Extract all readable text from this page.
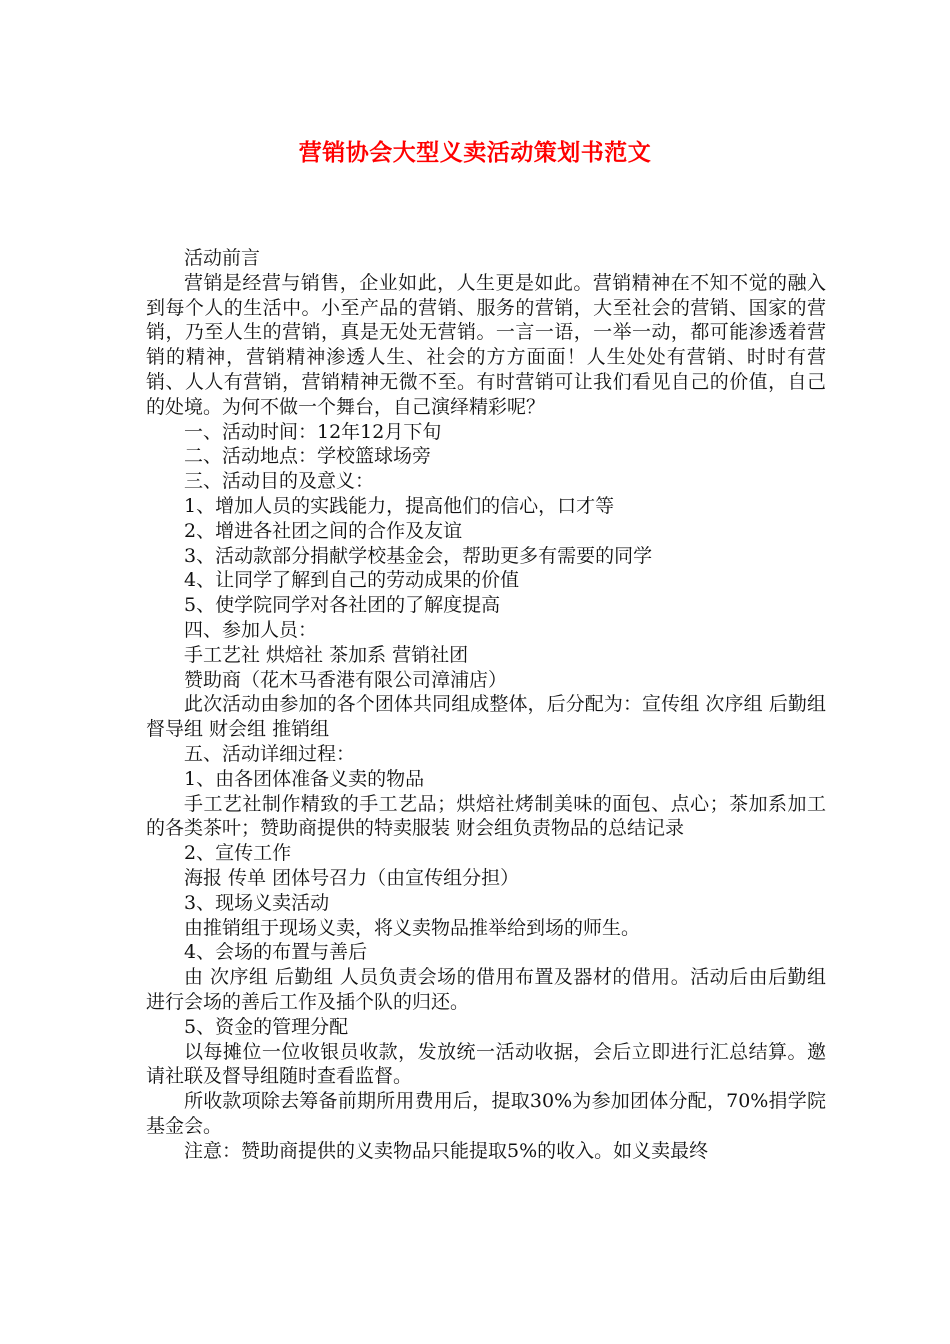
营销协会大型义卖活动策划书范文

活动前言

营销是经营与销售，企业如此，人生更是如此。营销精神在不知不觉的融入到每个人的生活中。小至产品的营销、服务的营销，大至社会的营销、国家的营销，乃至人生的营销，真是无处无营销。一言一语，一举一动，都可能渗透着营销的精神，营销精神渗透人生、社会的方方面面！人生处处有营销、时时有营销、人人有营销，营销精神无微不至。有时营销可让我们看见自己的价值，自己的处境。为何不做一个舞台，自己演绎精彩呢？

一、活动时间：12年12月下旬

二、活动地点：学校篮球场旁

三、活动目的及意义：

1、增加人员的实践能力，提高他们的信心，口才等

2、增进各社团之间的合作及友谊

3、活动款部分捐献学校基金会，帮助更多有需要的同学

4、让同学了解到自己的劳动成果的价值

5、使学院同学对各社团的了解度提高

四、参加人员：

手工艺社 烘焙社 茶加系 营销社团

赞助商（花木马香港有限公司漳浦店）

此次活动由参加的各个团体共同组成整体，后分配为：宣传组 次序组 后勤组 督导组 财会组 推销组

五、活动详细过程：

1、由各团体准备义卖的物品

手工艺社制作精致的手工艺品；烘焙社烤制美味的面包、点心；茶加系加工的各类茶叶；赞助商提供的特卖服装 财会组负责物品的总结记录

2、宣传工作

海报 传单 团体号召力（由宣传组分担）

3、现场义卖活动

由推销组于现场义卖，将义卖物品推举给到场的师生。

4、会场的布置与善后

由 次序组 后勤组 人员负责会场的借用布置及器材的借用。活动后由后勤组 进行会场的善后工作及插个队的归还。

5、资金的管理分配

以每摊位一位收银员收款，发放统一活动收据，会后立即进行汇总结算。邀请社联及督导组随时查看监督。

所收款项除去筹备前期所用费用后，提取30%为参加团体分配，70%捐学院基金会。

注意：赞助商提供的义卖物品只能提取5%的收入。如义卖最终
